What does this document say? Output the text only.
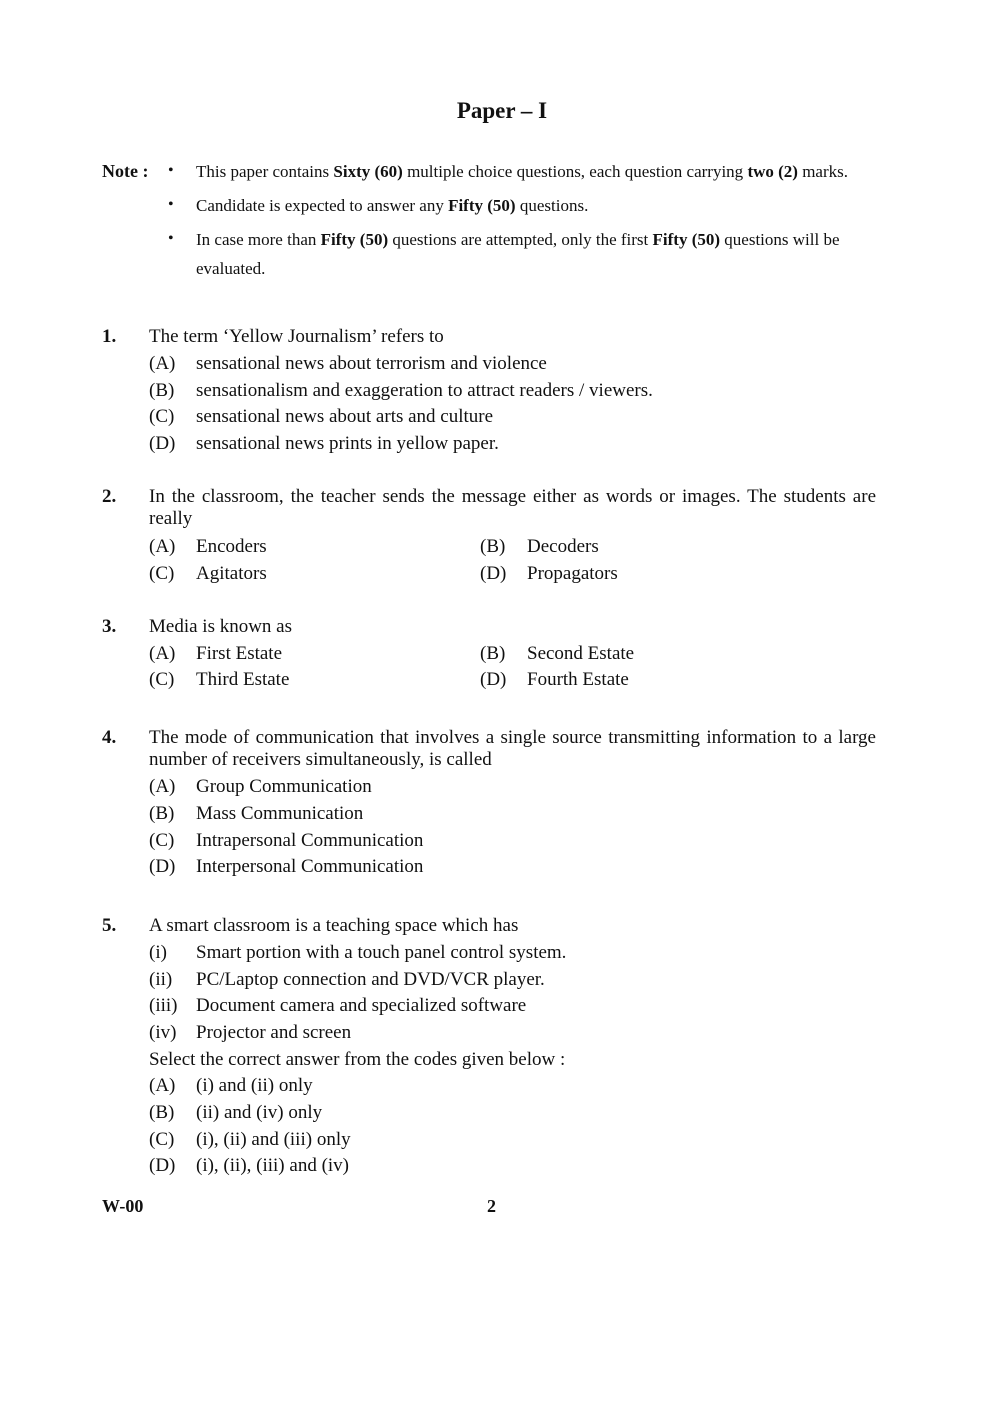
Paper – I
Note : • This paper contains Sixty (60) multiple choice questions, each question carrying two (2) marks.
• Candidate is expected to answer any Fifty (50) questions.
• In case more than Fifty (50) questions are attempted, only the first Fifty (50) questions will be
evaluated.
1. The term ‘Yellow Journalism’ refers to
(A) sensational news about terrorism and violence
(B) sensationalism and exaggeration to attract readers / viewers.
(C) sensational news about arts and culture
(D) sensational news prints in yellow paper.
2. In the classroom, the teacher sends the message either as words or images. The students are really
(A) Encoders	(B) Decoders
(C) Agitators	(D) Propagators
3. Media is known as
(A) First Estate	(B) Second Estate
(C) Third Estate	(D) Fourth Estate
4. The mode of communication that involves a single source transmitting information to a large number of receivers simultaneously, is called
(A) Group Communication
(B) Mass Communication
(C) Intrapersonal Communication
(D) Interpersonal Communication
5. A smart classroom is a teaching space which has
(i) Smart portion with a touch panel control system.
(ii) PC/Laptop connection and DVD/VCR player.
(iii) Document camera and specialized software
(iv) Projector and screen
Select the correct answer from the codes given below :
(A) (i) and (ii) only
(B) (ii) and (iv) only
(C) (i), (ii) and (iii) only
(D) (i), (ii), (iii) and (iv)
W-00	2
